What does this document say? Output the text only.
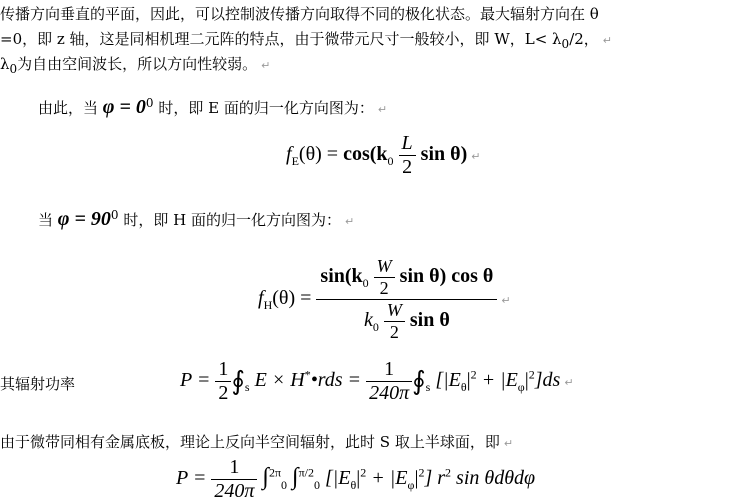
传播方向垂直的平面，因此，可以控制波传播方向取得不同的极化状态。最大辐射方向在 θ
=0，即 z 轴，这是同相机理二元阵的特点，由于微带元尺寸一般较小，即 W，$L< \lambda_0/2$， ↵
$\lambda_0$为自由空间波长，所以方向性较弱。 ↵
由此，当 $\varphi = 0^0$ 时，即 E 面的归一化方向图为： ↵
$f_E(\theta) = \cos(k_0 \frac{L}{2}$ sin θ) ↵
当 $\varphi = 90^0$ 时，即 H 面的归一化方向图为： ↵
$f_H(\theta) = \frac{\sin(k_0 \frac{W}{2} \sin \theta) \cos \theta}{k_0 \frac{W}{2} \sin \theta}$ ↵
其辐射功率	$P = \frac{1}{2}$ $∮_s$ E × H*•rds = $\frac{1}{240\pi}$ $∮_s$ $[|E_\theta|^2 + |E_\varphi|^2]ds$ ↵
由于微带同相有金属底板，理论上反向半空间辐射，此时 S 取上半球面，即 ↵
$P = \frac{1}{240\pi} \int^{2\pi}_0$ ∫$^{\pi/2}_0$ $[|E_\theta|^2 + |E_\varphi|^2]$ $r^2$ sin θdθdφ
